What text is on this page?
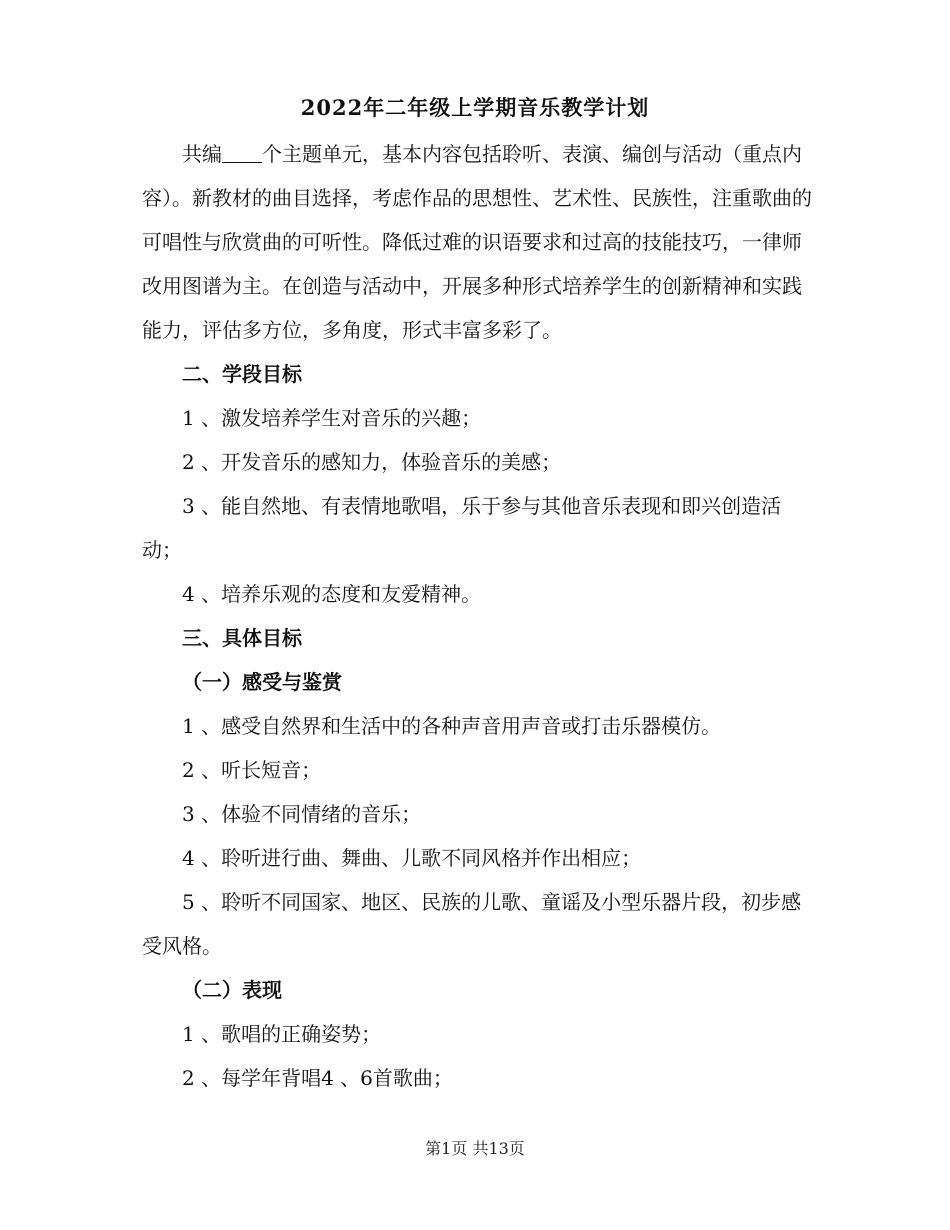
2022年二年级上学期音乐教学计划

共编 个主题单元，基本内容包括聆听、表演、编创与活动（重点内容）。新教材的曲目选择，考虑作品的思想性、艺术性、民族性，注重歌曲的可唱性与欣赏曲的可听性。降低过难的识语要求和过高的技能技巧，一律师改用图谱为主。在创造与活动中，开展多种形式培养学生的创新精神和实践能力，评估多方位，多角度，形式丰富多彩了。

二、学段目标

1 、激发培养学生对音乐的兴趣；

2 、开发音乐的感知力，体验音乐的美感；

3 、能自然地、有表情地歌唱，乐于参与其他音乐表现和即兴创造活动；

4 、培养乐观的态度和友爱精神。

三、具体目标

（一）感受与鉴赏

1 、感受自然界和生活中的各种声音用声音或打击乐器模仿。

2 、听长短音；

3 、体验不同情绪的音乐；

4 、聆听进行曲、舞曲、儿歌不同风格并作出相应；

5 、聆听不同国家、地区、民族的儿歌、童谣及小型乐器片段，初步感受风格。

（二）表现

1 、歌唱的正确姿势；

2 、每学年背唱4 、6首歌曲；

第1页 共13页
